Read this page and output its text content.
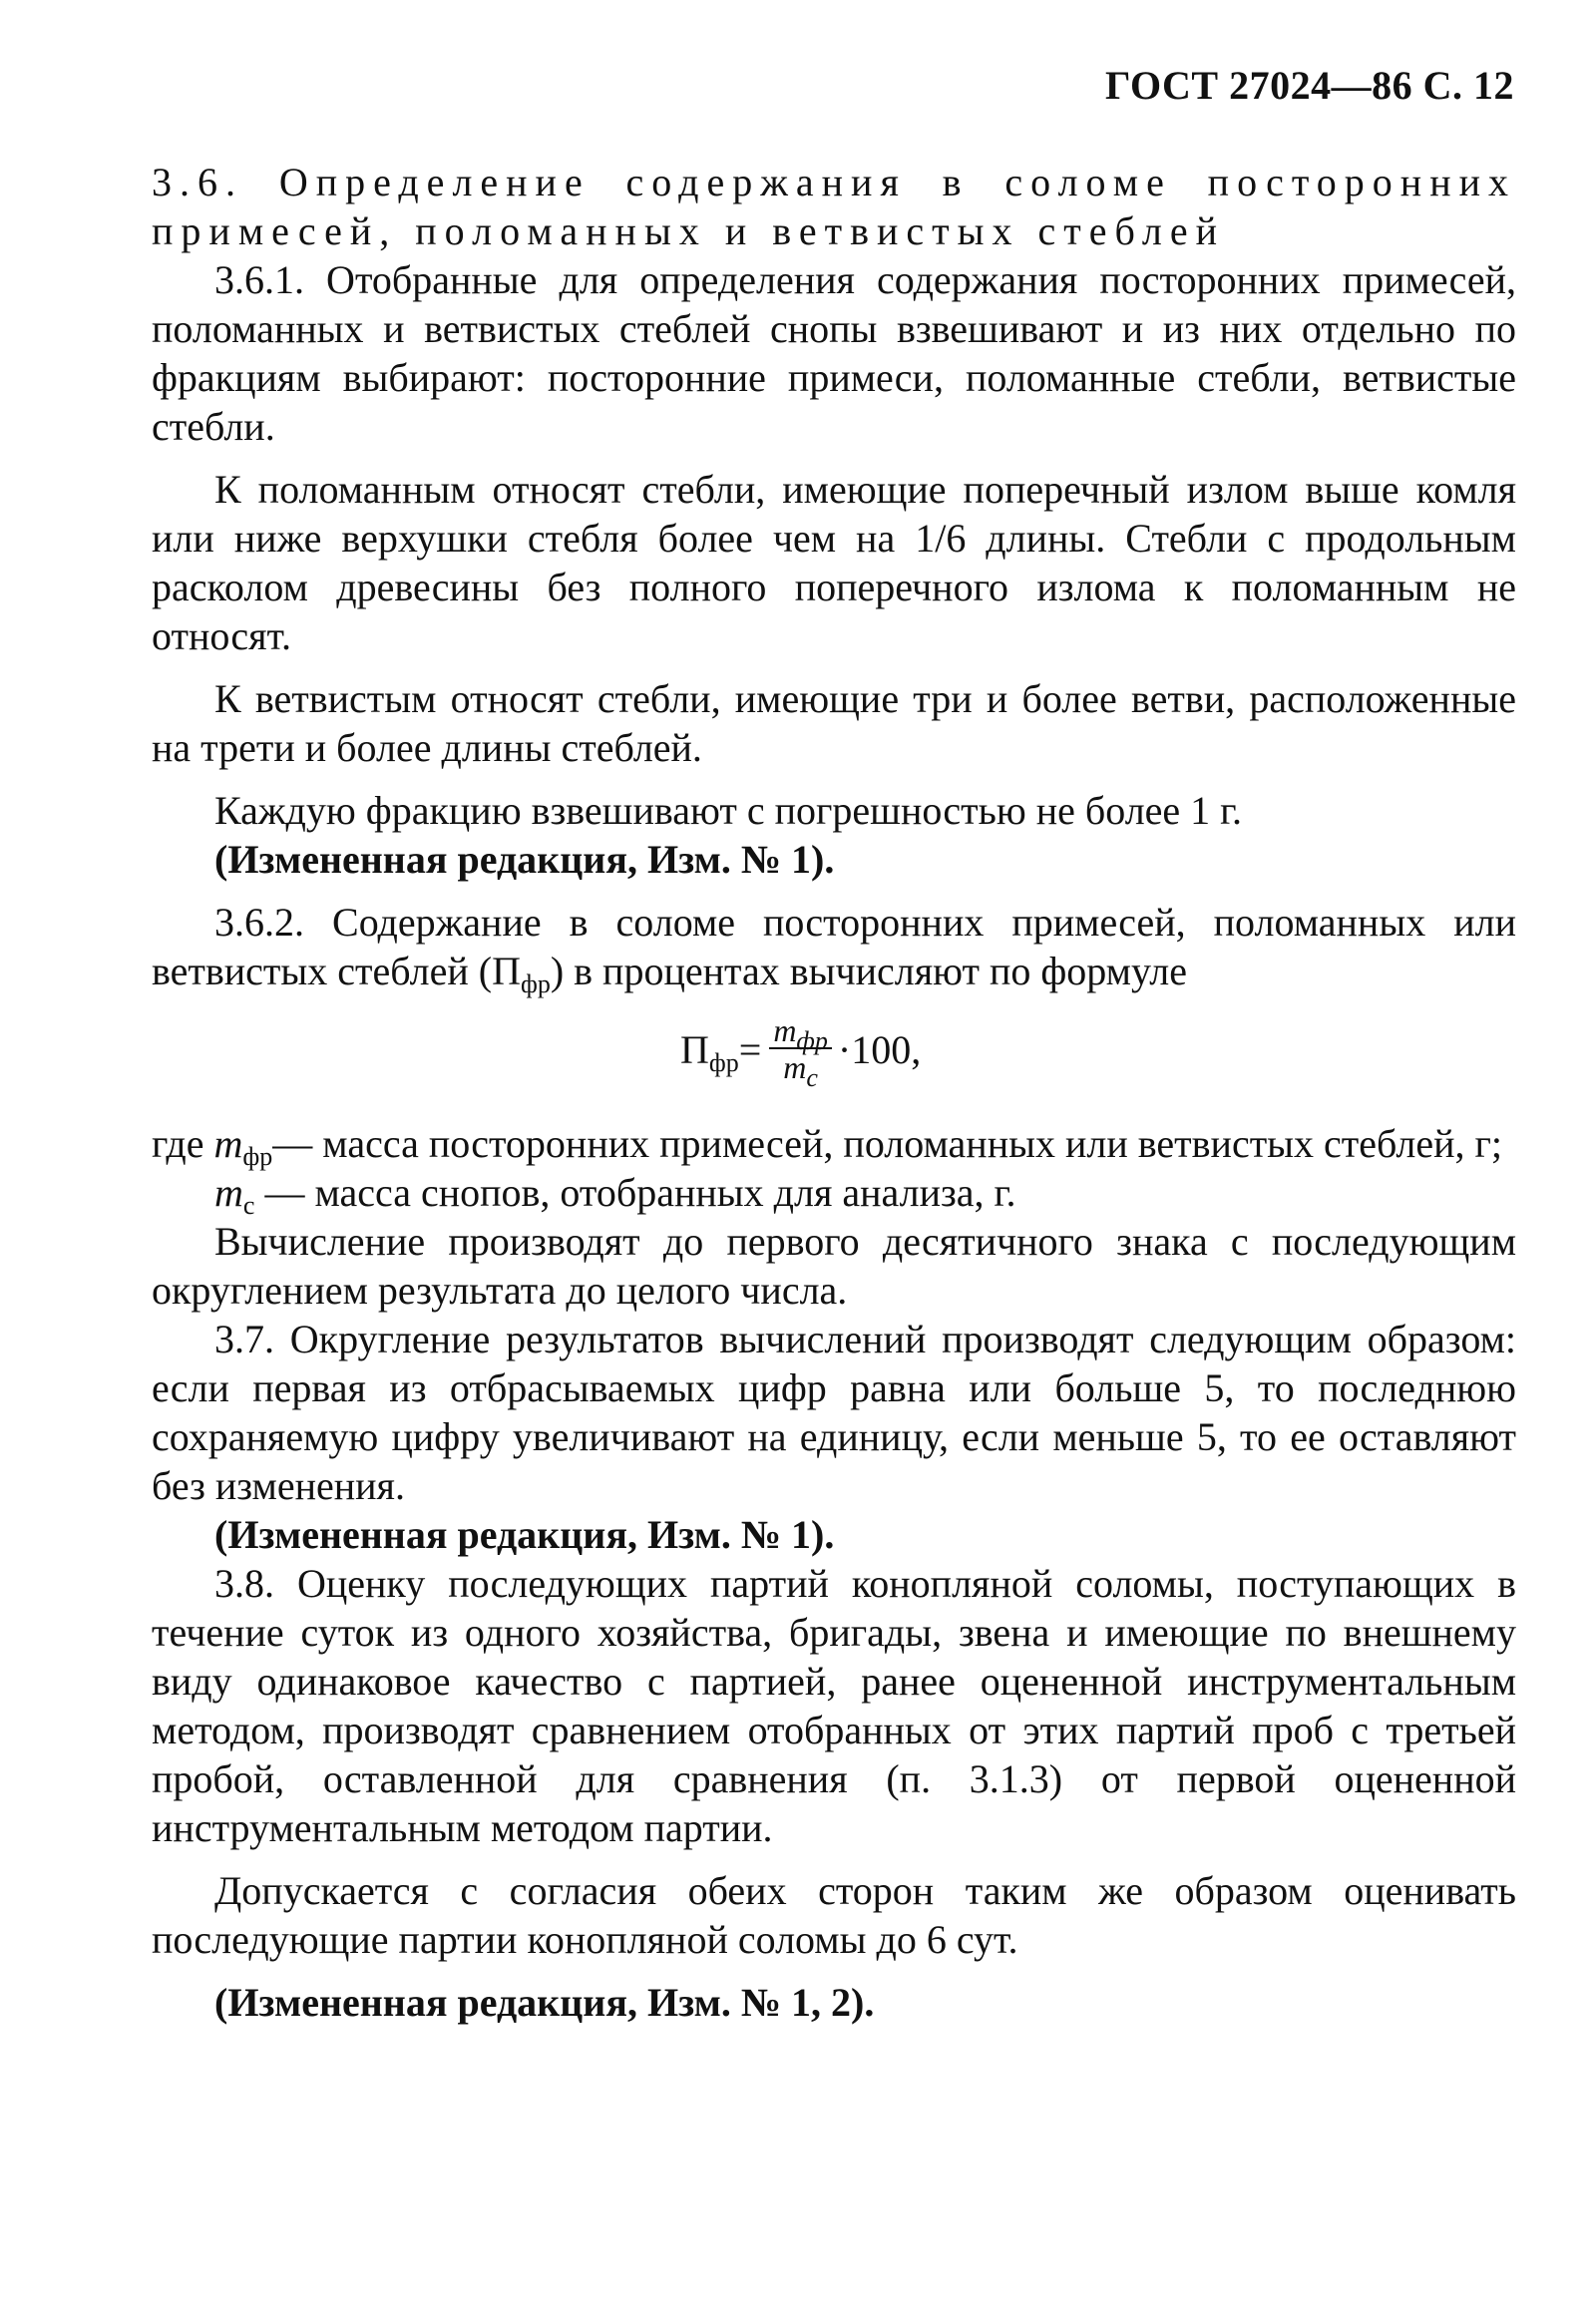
ГОСТ 27024—86 С. 12

3.6. Определение содержания в соломе посторонних примесей, поломанных и ветвистых стеблей

3.6.1. Отобранные для определения содержания посторонних примесей, поломанных и ветвистых стеблей снопы взвешивают и из них отдельно по фракциям выбирают: посторонние примеси, поломанные стебли, ветвистые стебли.

К поломанным относят стебли, имеющие поперечный излом выше комля или ниже верхушки стебля более чем на 1/6 длины. Стебли с продольным расколом древесины без полного поперечного излома к поломанным не относят.

К ветвистым относят стебли, имеющие три и более ветви, расположенные на трети и более длины стеблей.

Каждую фракцию взвешивают с погрешностью не более 1 г.

(Измененная редакция, Изм. № 1).

3.6.2. Содержание в соломе посторонних примесей, поломанных или ветвистых стеблей $(П_{фр})$ в процентах вычисляют по формуле

$П_{фр} = \frac{m_{фр}}{m_с} \cdot 100$,
где $m_{фр}$ — масса посторонних примесей, поломанных или ветвистых стеблей, г;

$m_с$ — масса снопов, отобранных для анализа, г.

Вычисление производят до первого десятичного знака с последующим округлением результата до целого числа.

3.7. Округление результатов вычислений производят следующим образом: если первая из отбрасываемых цифр равна или больше 5, то последнюю сохраняемую цифру увеличивают на единицу, если меньше 5, то ее оставляют без изменения.

(Измененная редакция, Изм. № 1).

3.8. Оценку последующих партий конопляной соломы, поступающих в течение суток из одного хозяйства, бригады, звена и имеющие по внешнему виду одинаковое качество с партией, ранее оцененной инструментальным методом, производят сравнением отобранных от этих партий проб с третьей пробой, оставленной для сравнения (п. 3.1.3) от первой оцененной инструментальным методом партии.

Допускается с согласия обеих сторон таким же образом оценивать последующие партии конопляной соломы до 6 сут.

(Измененная редакция, Изм. № 1, 2).
